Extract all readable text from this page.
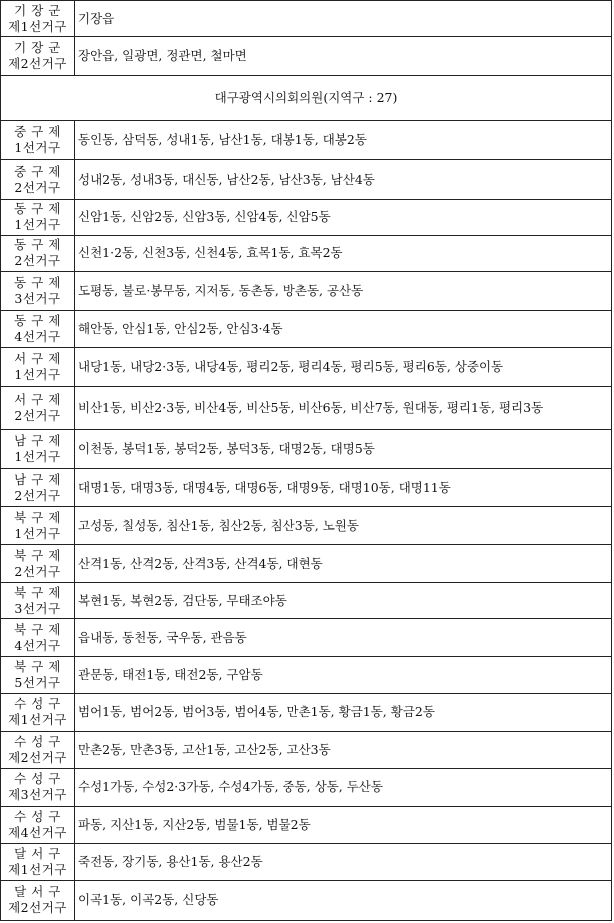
기 장 군
제1선거구	기장읍
기 장 군
제2선거구	장안읍, 일광면, 정관면, 철마면
대구광역시의회의원(지역구 : 27)	
중 구 제
1선거구	동인동, 삼덕동, 성내1동, 남산1동, 대봉1동, 대봉2동
중 구 제
2선거구	성내2동, 성내3동, 대신동, 남산2동, 남산3동, 남산4동
동 구 제
1선거구	신암1동, 신암2동, 신암3동, 신암4동, 신암5동
동 구 제
2선거구	신천1·2동, 신천3동, 신천4동, 효목1동, 효목2동
동 구 제
3선거구	도평동, 불로·봉무동, 지저동, 동촌동, 방촌동, 공산동
동 구 제
4선거구	해안동, 안심1동, 안심2동, 안심3·4동
서 구 제
1선거구	내당1동, 내당2·3동, 내당4동, 평리2동, 평리4동, 평리5동, 평리6동, 상중이동
서 구 제
2선거구	비산1동, 비산2·3동, 비산4동, 비산5동, 비산6동, 비산7동, 원대동, 평리1동, 평리3동
남 구 제
1선거구	이천동, 봉덕1동, 봉덕2동, 봉덕3동, 대명2동, 대명5동
남 구 제
2선거구	대명1동, 대명3동, 대명4동, 대명6동, 대명9동, 대명10동, 대명11동
북 구 제
1선거구	고성동, 칠성동, 침산1동, 침산2동, 침산3동, 노원동
북 구 제
2선거구	산격1동, 산격2동, 산격3동, 산격4동, 대현동
북 구 제
3선거구	복현1동, 복현2동, 검단동, 무태조야동
북 구 제
4선거구	읍내동, 동천동, 국우동, 관음동
북 구 제
5선거구	관문동, 태전1동, 태전2동, 구암동
수 성 구
제1선거구	범어1동, 범어2동, 범어3동, 범어4동, 만촌1동, 황금1동, 황금2동
수 성 구
제2선거구	만촌2동, 만촌3동, 고산1동, 고산2동, 고산3동
수 성 구
제3선거구	수성1가동, 수성2·3가동, 수성4가동, 중동, 상동, 두산동
수 성 구
제4선거구	파동, 지산1동, 지산2동, 범물1동, 범물2동
달 서 구
제1선거구	죽전동, 장기동, 용산1동, 용산2동
달 서 구
제2선거구	이곡1동, 이곡2동, 신당동
